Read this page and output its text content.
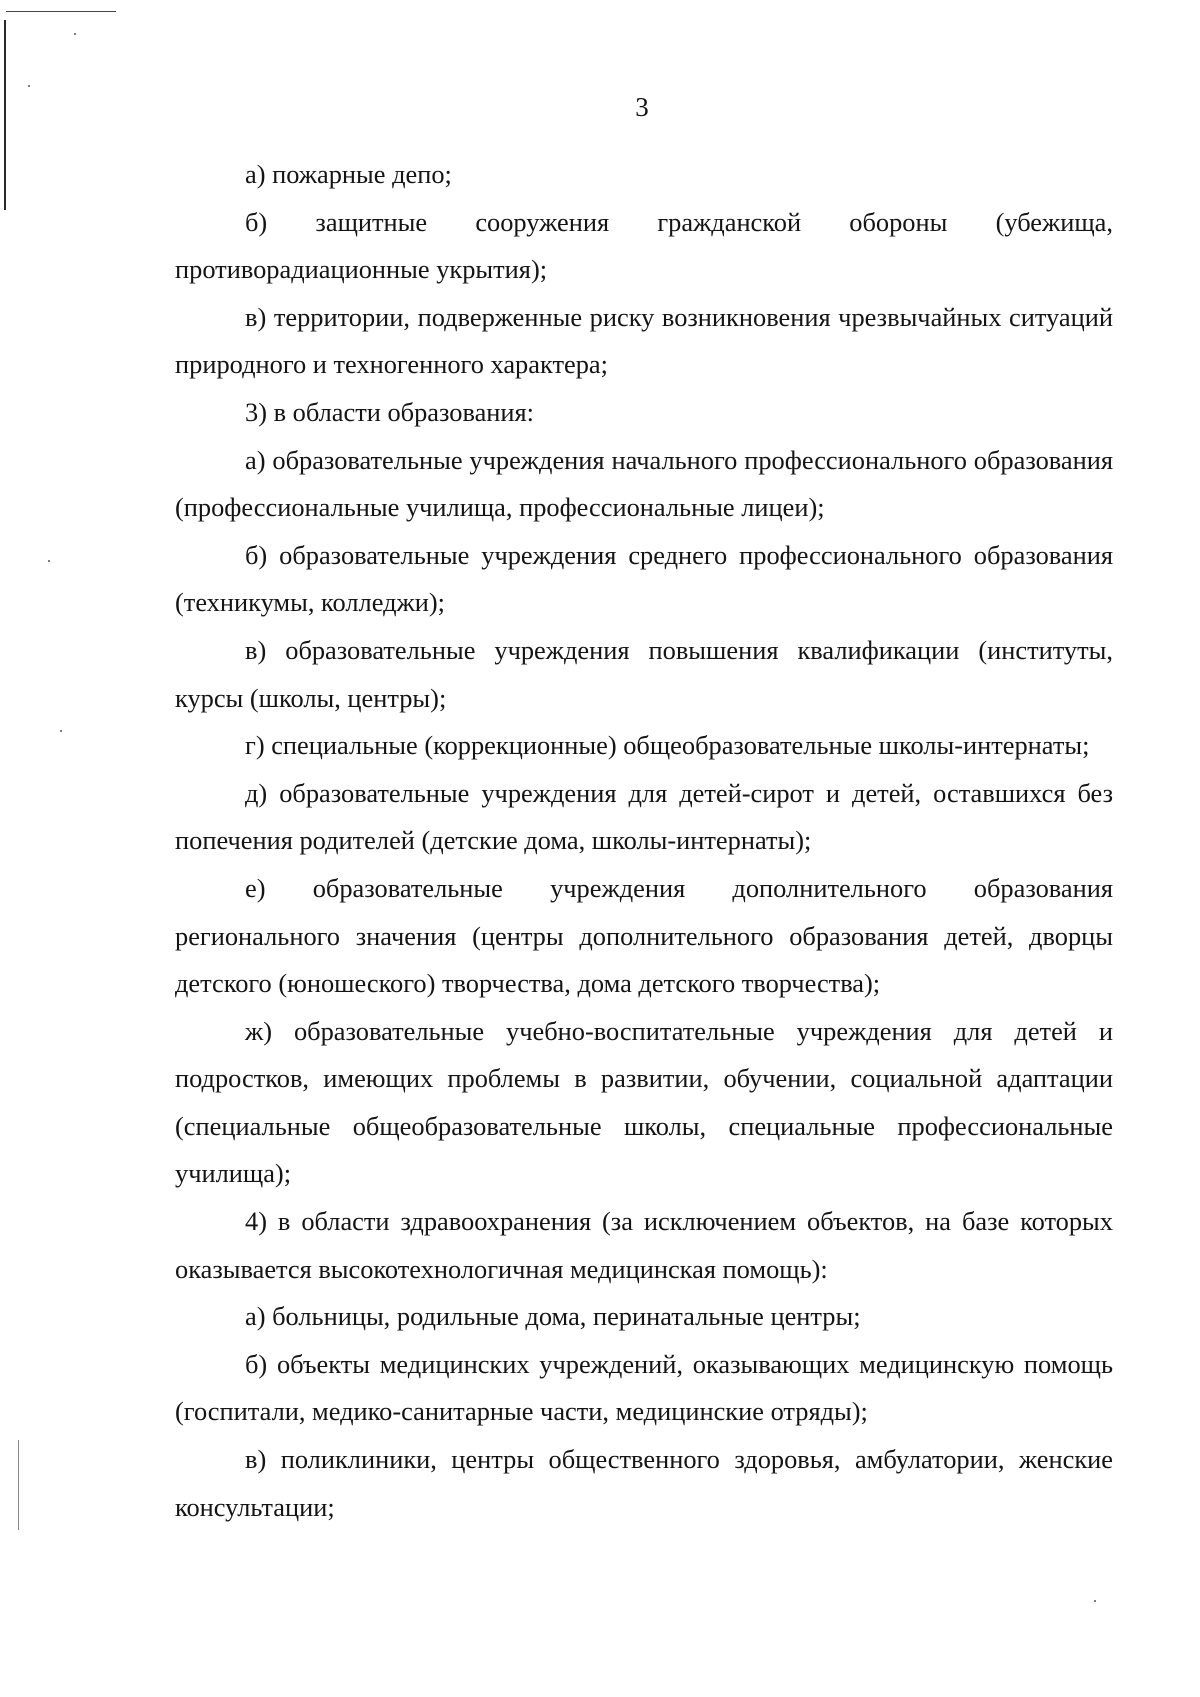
3

а) пожарные депо;

б) защитные сооружения гражданской обороны (убежища, противорадиационные укрытия);

в) территории, подверженные риску возникновения чрезвычайных ситуаций природного и техногенного характера;

3) в области образования:

а) образовательные учреждения начального профессионального образования (профессиональные училища, профессиональные лицеи);

б) образовательные учреждения среднего профессионального образования (техникумы, колледжи);

в) образовательные учреждения повышения квалификации (институты, курсы (школы, центры);

г) специальные (коррекционные) общеобразовательные школы-интернаты;

д) образовательные учреждения для детей-сирот и детей, оставшихся без попечения родителей (детские дома, школы-интернаты);

е) образовательные учреждения дополнительного образования регионального значения (центры дополнительного образования детей, дворцы детского (юношеского) творчества, дома детского творчества);

ж) образовательные учебно-воспитательные учреждения для детей и подростков, имеющих проблемы в развитии, обучении, социальной адаптации (специальные общеобразовательные школы, специальные профессиональные училища);

4) в области здравоохранения (за исключением объектов, на базе которых оказывается высокотехнологичная медицинская помощь):

а) больницы, родильные дома, перинатальные центры;

б) объекты медицинских учреждений, оказывающих медицинскую помощь (госпитали, медико-санитарные части, медицинские отряды);

в) поликлиники, центры общественного здоровья, амбулатории, женские консультации;
